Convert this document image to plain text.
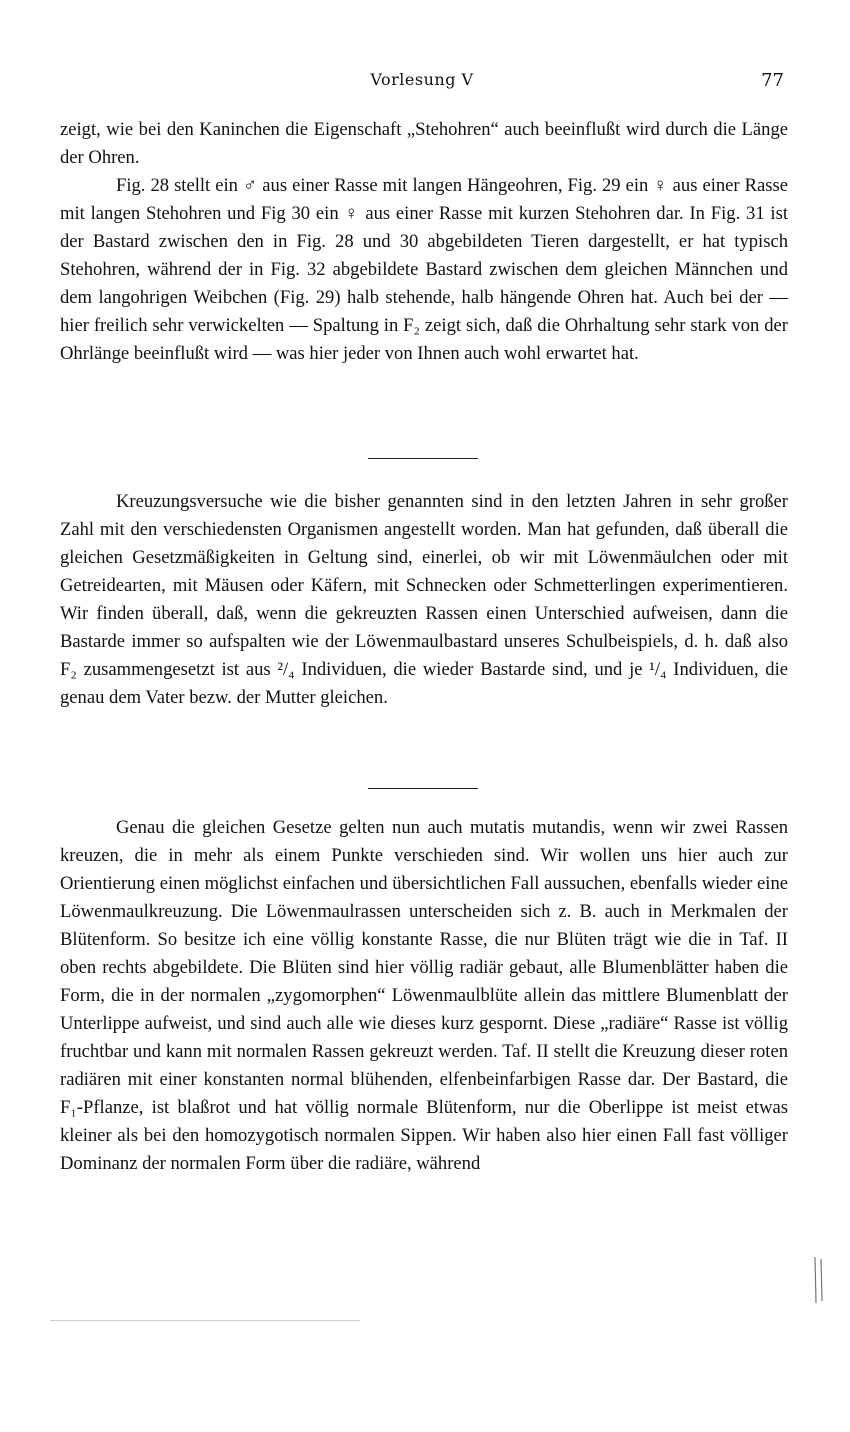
Vorlesung V	77

zeigt, wie bei den Kaninchen die Eigenschaft „Stehohren“ auch beeinflußt wird durch die Länge der Ohren.

Fig. 28 stellt ein ♂ aus einer Rasse mit langen Hängeohren, Fig. 29 ein ♀ aus einer Rasse mit langen Stehohren und Fig 30 ein ♀ aus einer Rasse mit kurzen Stehohren dar. In Fig. 31 ist der Bastard zwischen den in Fig. 28 und 30 abgebildeten Tieren dargestellt, er hat typisch Stehohren, während der in Fig. 32 abgebildete Bastard zwischen dem gleichen Männchen und dem langohrigen Weibchen (Fig. 29) halb stehende, halb hängende Ohren hat. Auch bei der — hier freilich sehr verwickelten — Spaltung in F₂ zeigt sich, daß die Ohrhaltung sehr stark von der Ohrlänge beeinflußt wird — was hier jeder von Ihnen auch wohl erwartet hat.

Kreuzungsversuche wie die bisher genannten sind in den letzten Jahren in sehr großer Zahl mit den verschiedensten Organismen angestellt worden. Man hat gefunden, daß überall die gleichen Gesetzmäßigkeiten in Geltung sind, einerlei, ob wir mit Löwenmäulchen oder mit Getreidearten, mit Mäusen oder Käfern, mit Schnecken oder Schmetterlingen experimentieren. Wir finden überall, daß, wenn die gekreuzten Rassen einen Unterschied aufweisen, dann die Bastarde immer so aufspalten wie der Löwenmaulbastard unseres Schulbeispiels, d. h. daß also F₂ zusammengesetzt ist aus ²/₄ Individuen, die wieder Bastarde sind, und je ¹/₄ Individuen, die genau dem Vater bezw. der Mutter gleichen.

Genau die gleichen Gesetze gelten nun auch mutatis mutandis, wenn wir zwei Rassen kreuzen, die in mehr als einem Punkte verschieden sind. Wir wollen uns hier auch zur Orientierung einen möglichst einfachen und übersichtlichen Fall aussuchen, ebenfalls wieder eine Löwenmaulkreuzung. Die Löwenmaulrassen unterscheiden sich z. B. auch in Merkmalen der Blütenform. So besitze ich eine völlig konstante Rasse, die nur Blüten trägt wie die in Taf. II oben rechts abgebildete. Die Blüten sind hier völlig radiär gebaut, alle Blumenblätter haben die Form, die in der normalen „zygomorphen“ Löwenmaulblüte allein das mittlere Blumenblatt der Unterlippe aufweist, und sind auch alle wie dieses kurz gespornt. Diese „radiäre“ Rasse ist völlig fruchtbar und kann mit normalen Rassen gekreuzt werden. Taf. II stellt die Kreuzung dieser roten radiären mit einer konstanten normal blühenden, elfenbeinfarbigen Rasse dar. Der Bastard, die F₁-Pflanze, ist blaßrot und hat völlig normale Blütenform, nur die Oberlippe ist meist etwas kleiner als bei den homozygotisch normalen Sippen. Wir haben also hier einen Fall fast völliger Dominanz der normalen Form über die radiäre, während
